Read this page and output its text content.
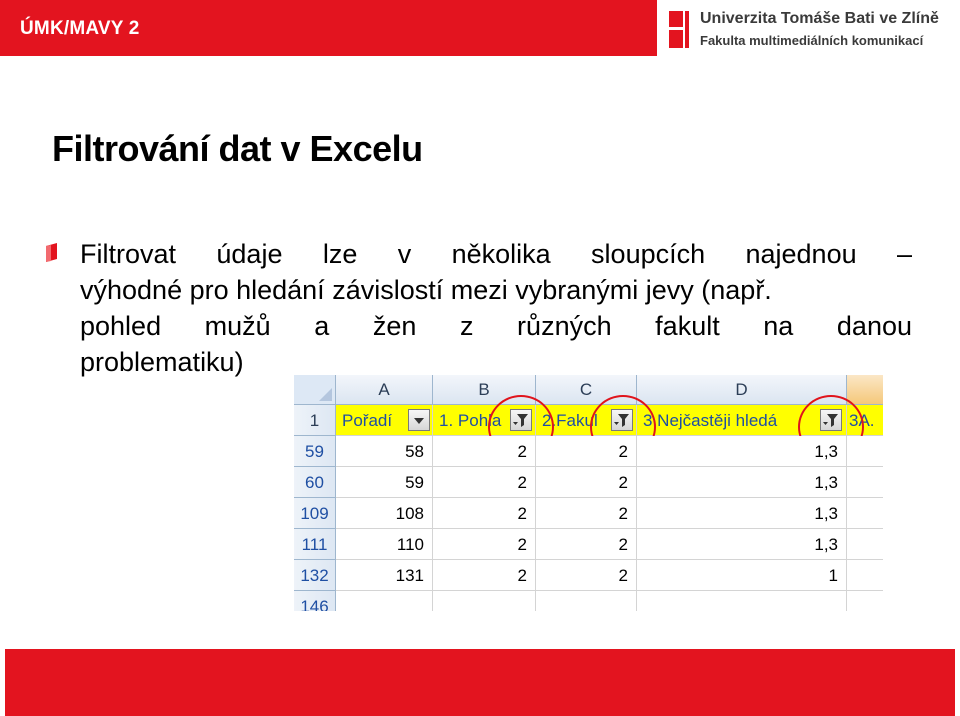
ÚMK/MAVY 2	Univerzita Tomáše Bati ve Zlíně
Fakulta multimediálních komunikací
Filtrování dat v Excelu
Filtrovat údaje lze v několika sloupcích najednou –
výhodné pro hledání závislostí mezi vybranými jevy (např.
pohled mužů a žen z různých fakult na danou
problematiku)
A	B	C	D
1	Pořadí	1. Pohla	2.Fakul	3.Nejčastěji hledá	3A.
59	58	2	2	1,3
60	59	2	2	1,3
109	108	2	2	1,3
111	110	2	2	1,3
132	131	2	2	1
146
